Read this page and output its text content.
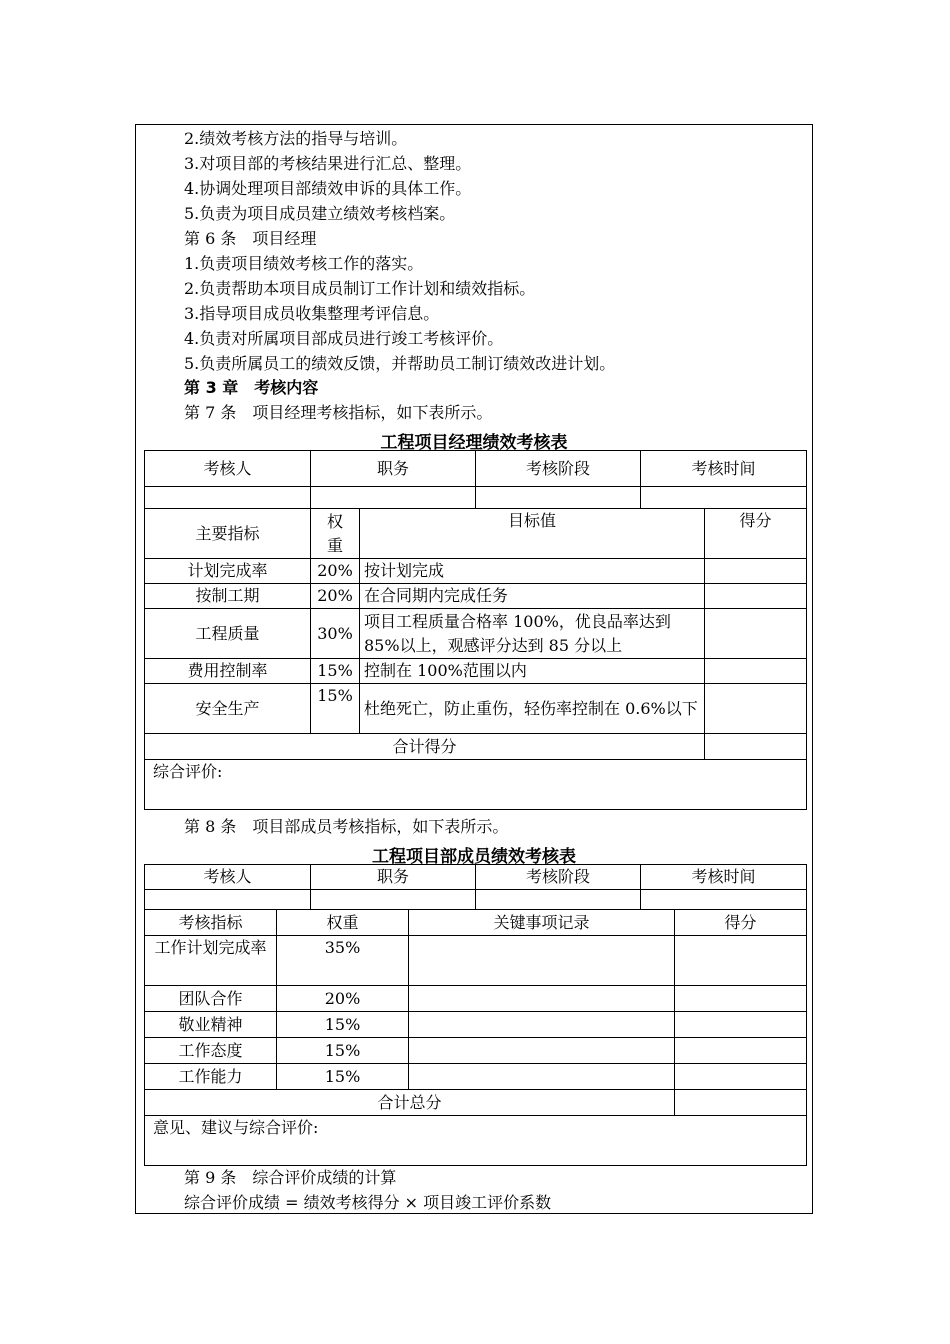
2.绩效考核方法的指导与培训。
3.对项目部的考核结果进行汇总、整理。
4.协调处理项目部绩效申诉的具体工作。
5.负责为项目成员建立绩效考核档案。
第 6 条　项目经理
1.负责项目绩效考核工作的落实。
2.负责帮助本项目成员制订工作计划和绩效指标。
3.指导项目成员收集整理考评信息。
4.负责对所属项目部成员进行竣工考核评价。
5.负责所属员工的绩效反馈，并帮助员工制订绩效改进计划。
第 3 章　考核内容
第 7 条　项目经理考核指标，如下表所示。
工程项目经理绩效考核表
考核人	职务		考核阶段	考核时间	

主要指标	权重	目标值			得分
计划完成率	20%	按计划完成			
按制工期	20%	在合同期内完成任务			
工程质量	30%	项目工程质量合格率 100%，优良品率达到 85%以上，观感评分达到 85 分以上			
费用控制率	15%	控制在 100%范围以内			
安全生产	15%	杜绝死亡，防止重伤，轻伤率控制在 0.6%以下			
合计得分					
综合评价:					
第 8 条　项目部成员考核指标，如下表所示。
工程项目部成员绩效考核表
考核人		职务		考核阶段	考核时间	

考核指标	权重		关键事项记录			得分
工作计划完成率	35%					
团队合作	20%					
敬业精神	15%					
工作态度	15%					
工作能力	15%					
合计总分						
意见、建议与综合评价:						
第 9 条　综合评价成绩的计算
综合评价成绩 = 绩效考核得分 × 项目竣工评价系数
